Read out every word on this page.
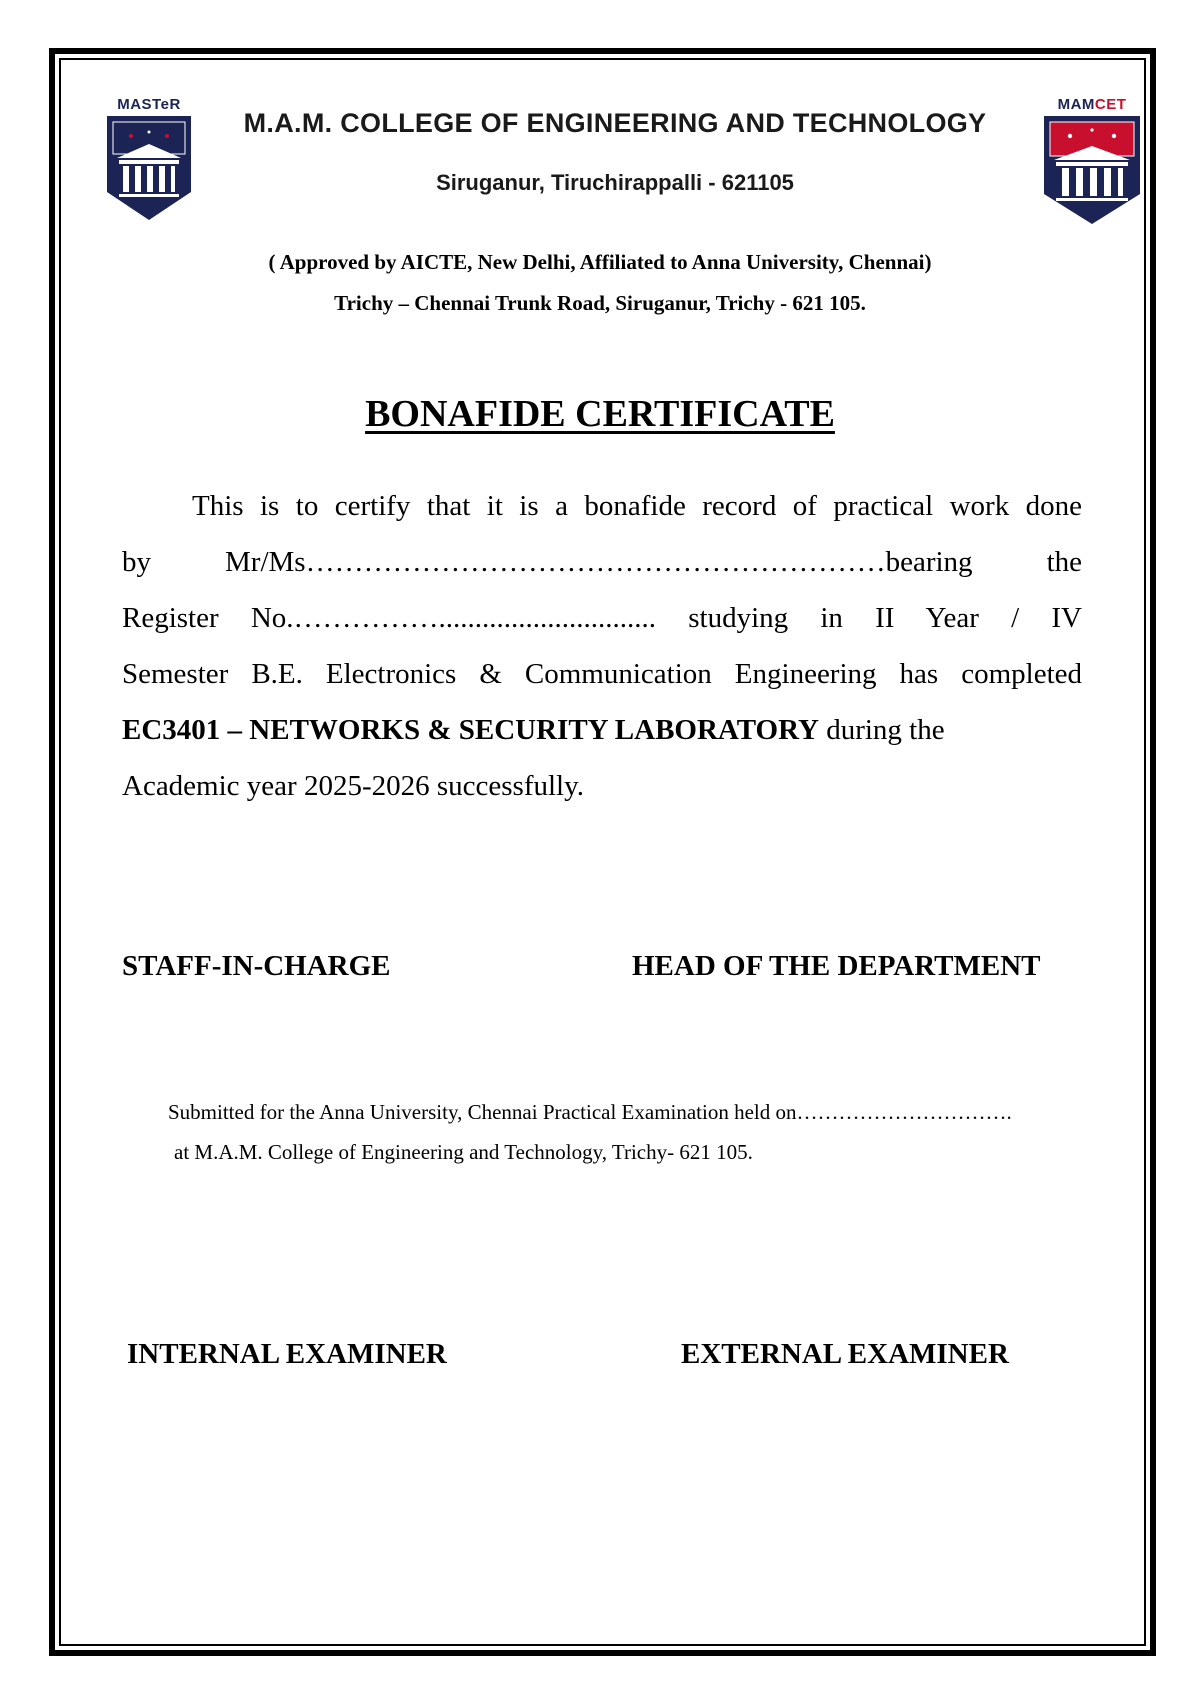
MASTeR	MAMCET
M.A.M. COLLEGE OF ENGINEERING AND TECHNOLOGY
Siruganur, Tiruchirappalli - 621105
( Approved by AICTE, New Delhi, Affiliated to Anna University, Chennai)
Trichy – Chennai Trunk Road, Siruganur, Trichy - 621 105.
BONAFIDE CERTIFICATE
This is to certify that it is a bonafide record of practical work done
by Mr/Ms……………………………………………………bearing the
Register No.…………….............................. studying in II Year / IV
Semester B.E. Electronics & Communication Engineering has completed
EC3401 – NETWORKS & SECURITY LABORATORY during the
Academic year 2025-2026 successfully.
STAFF-IN-CHARGE	HEAD OF THE DEPARTMENT
Submitted for the Anna University, Chennai Practical Examination held on………………………….
at M.A.M. College of Engineering and Technology, Trichy- 621 105.
INTERNAL EXAMINER	EXTERNAL EXAMINER
